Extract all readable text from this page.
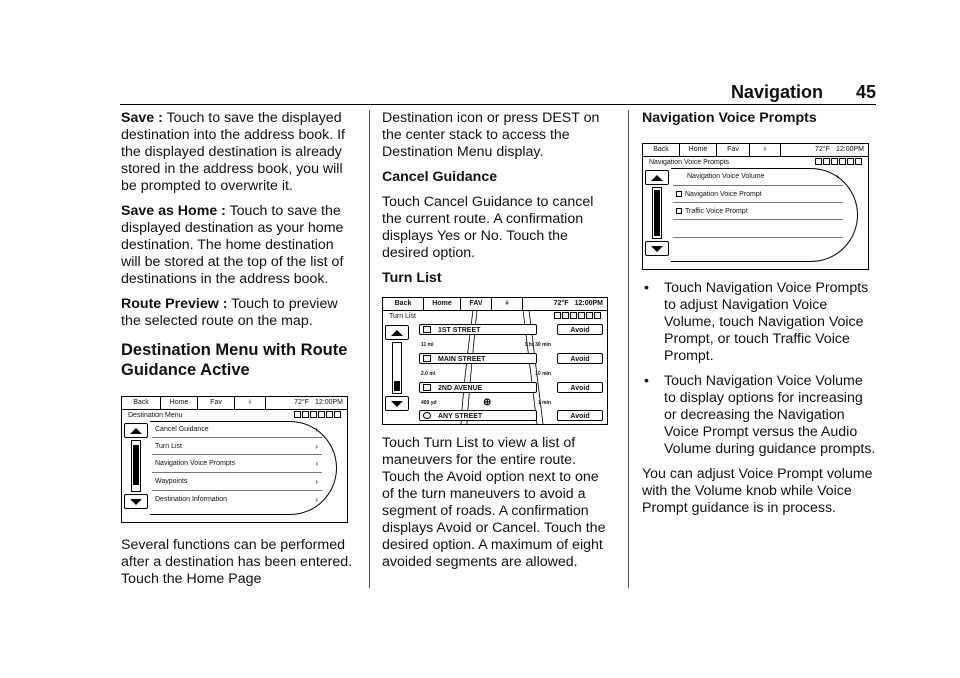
Navigation 45

Save : Touch to save the displayed destination into the address book. If the displayed destination is already stored in the address book, you will be prompted to overwrite it.

Save as Home : Touch to save the displayed destination as your home destination. The home destination will be stored at the top of the list of destinations in the address book.

Route Preview : Touch to preview the selected route on the map.

Destination Menu with Route Guidance Active
Back	Home	Fav	⍭	72°F 12:00PM
Destination Menu
Cancel Guidance	›
Turn List	›
Navigation Voice Prompts	›
Waypoints	›
Destination Information	›

Several functions can be performed after a destination has been entered. Touch the Home Page

Destination icon or press DEST on the center stack to access the Destination Menu display.

Cancel Guidance

Touch Cancel Guidance to cancel the current route. A confirmation displays Yes or No. Touch the desired option.

Turn List
Back	Home	FAV	⍭	72°F 12:00PM
Turn List
1ST STREET	Avoid
11 mi	1 hr 30 min
MAIN STREET	Avoid
2.0 mi	10 min
2ND AVENUE	Avoid
400 yd	1 min
⊕
ANY STREET	Avoid

Touch Turn List to view a list of maneuvers for the entire route. Touch the Avoid option next to one of the turn maneuvers to avoid a segment of roads. A confirmation displays Avoid or Cancel. Touch the desired option. A maximum of eight avoided segments are allowed.

Navigation Voice Prompts
Back	Home	Fav	⍭	72°F 12:00PM
Navigation Voice Prompts
Navigation Voice Volume	›
Navigation Voice Prompt
Traffic Voice Prompt
• Touch Navigation Voice Prompts to adjust Navigation Voice Volume, touch Navigation Voice Prompt, or touch Traffic Voice Prompt.
• Touch Navigation Voice Volume to display options for increasing or decreasing the Navigation Voice Prompt versus the Audio Volume during guidance prompts.

You can adjust Voice Prompt volume with the Volume knob while Voice Prompt guidance is in process.
